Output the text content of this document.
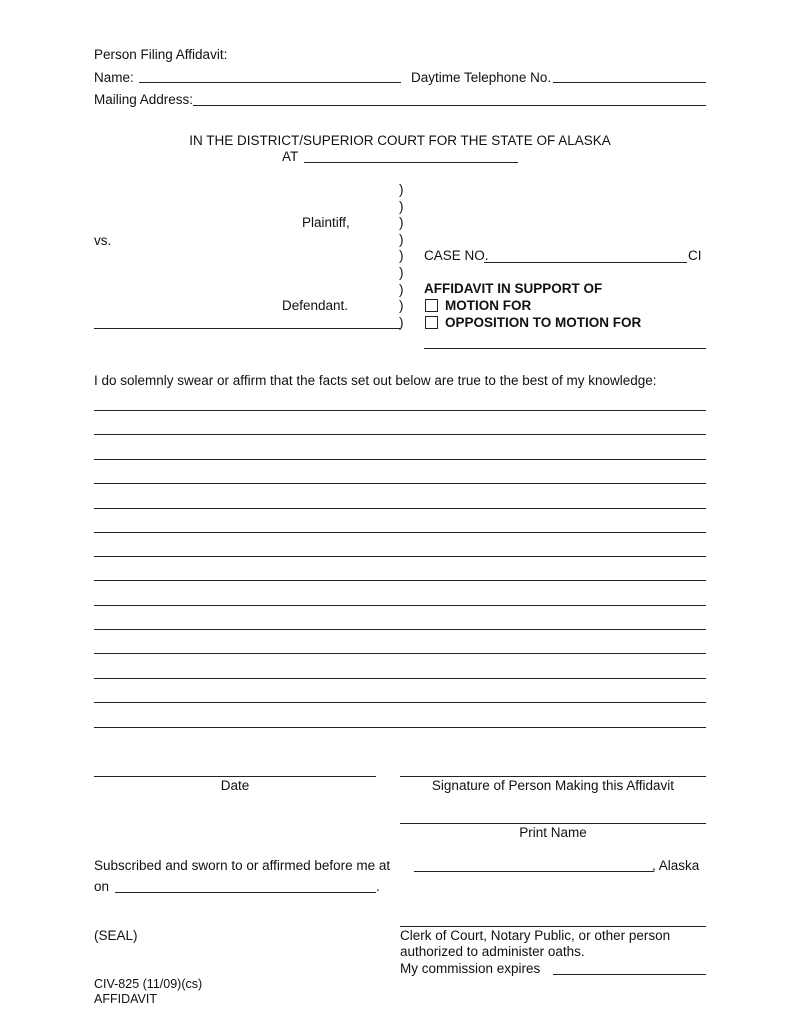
Person Filing Affidavit:
Name:	Daytime Telephone No.
Mailing Address:
IN THE DISTRICT/SUPERIOR COURT FOR THE STATE OF ALASKA
AT
)
)
)
)
)
)
)
)
)
Plaintiff,
vs.
Defendant.
CASE NO.	CI
AFFIDAVIT IN SUPPORT OF
MOTION FOR
OPPOSITION TO MOTION FOR
I do solemnly swear or affirm that the facts set out below are true to the best of my knowledge:
Date	Signature of Person Making this Affidavit
Print Name
Subscribed and sworn to or affirmed before me at	, Alaska
on	.
(SEAL)	Clerk of Court, Notary Public, or other person
authorized to administer oaths.
My commission expires
CIV-825 (11/09)(cs)
AFFIDAVIT
